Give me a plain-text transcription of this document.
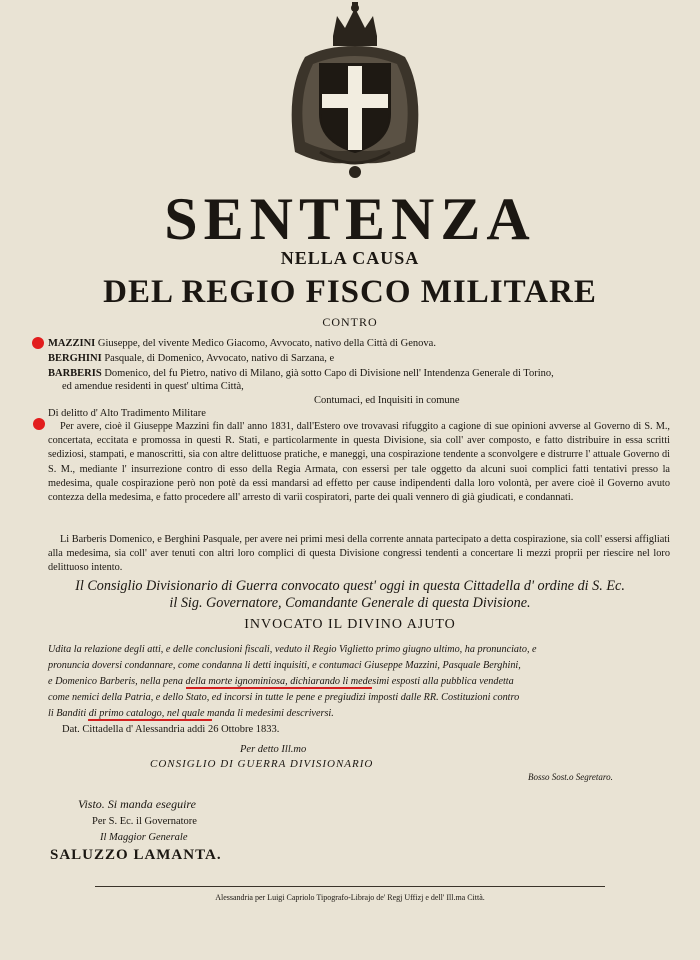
SENTENZA
NELLA CAUSA
DEL REGIO FISCO MILITARE
CONTRO
MAZZINI Giuseppe, del vivente Medico Giacomo, Avvocato, nativo della Città di Genova.
BERGHINI Pasquale, di Domenico, Avvocato, nativo di Sarzana, e
BARBERIS Domenico, del fu Pietro, nativo di Milano, già sotto Capo di Divisione nell' Intendenza Generale di Torino,
ed amendue residenti in quest' ultima Città,
Contumaci, ed Inquisiti in comune
Di delitto d' Alto Tradimento Militare
Per avere, cioè il Giuseppe Mazzini fin dall' anno 1831, dall'Estero ove trovavasi rifuggito a cagione di sue opinioni avverse al Governo di S. M., concertata, eccitata e promossa in questi R. Stati, e particolarmente in questa Divisione, sia coll' aver composto, e fatto distribuire in essa scritti sediziosi, stampati, e manoscritti, sia con altre delittuose pratiche, e maneggi, una cospirazione tendente a sconvolgere e distrurre l' attuale Governo di S. M., mediante l' insurrezione contro di esso della Regia Armata, con essersi per tale oggetto da alcuni suoi complici fatti tentativi presso la medesima, quale cospirazione però non potè da essi mandarsi ad effetto per cause indipendenti dalla loro volontà, per avere cioè il Governo avuto contezza della medesima, e fatto procedere all' arresto di varii cospiratori, parte dei quali vennero di già giudicati, e condannati.
Li Barberis Domenico, e Berghini Pasquale, per avere nei primi mesi della corrente annata partecipato a detta cospirazione, sia coll' essersi affigliati alla medesima, sia coll' aver tenuti con altri loro complici di questa Divisione congressi tendenti a concertare li mezzi proprii per riescire nel loro delittuoso intento.
Il Consiglio Divisionario di Guerra convocato quest' oggi in questa Cittadella d' ordine di S. Ec.
il Sig. Governatore, Comandante Generale di questa Divisione.
INVOCATO IL DIVINO AJUTO
Udita la relazione degli atti, e delle conclusioni fiscali, veduto il Regio Viglietto primo giugno ultimo, ha pronunciato, e
pronuncia doversi condannare, come condanna li detti inquisiti, e contumaci Giuseppe Mazzini, Pasquale Berghini,
e Domenico Barberis, nella pena della morte ignominiosa, dichiarando li medesimi esposti alla pubblica vendetta
come nemici della Patria, e dello Stato, ed incorsi in tutte le pene e pregiudizi imposti dalle RR. Costituzioni contro
li Banditi di primo catalogo, nel quale manda li medesimi descriversi.
Dat. Cittadella d' Alessandria addì 26 Ottobre 1833.
Per detto Ill.mo
CONSIGLIO DI GUERRA DIVISIONARIO
Bosso Sost.o Segretaro.
Visto. Si manda eseguire
Per S. Ec. il Governatore
Il Maggior Generale
SALUZZO LAMANTA.
Alessandria per Luigi Capriolo Tipografo-Librajo de' Regj Uffizj e dell' Ill.ma Città.
